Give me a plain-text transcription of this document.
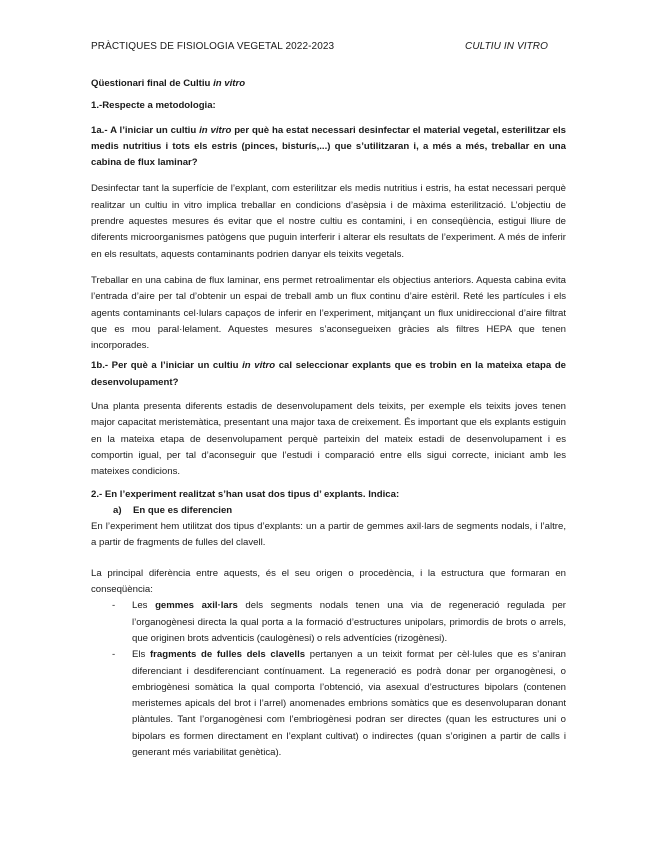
PRÀCTIQUES DE FISIOLOGIA VEGETAL 2022-2023	CULTIU IN VITRO

Qüestionari final de Cultiu in vitro

1.-Respecte a metodologia:

1a.- A l’iniciar un cultiu in vitro per què ha estat necessari desinfectar el material vegetal, esterilitzar els medis nutritius i tots els estris (pinces, bisturís,...) que s’utilitzaran i, a més a més, treballar en una cabina de flux laminar?

Desinfectar tant la superfície de l’explant, com esterilitzar els medis nutritius i estris, ha estat necessari perquè realitzar un cultiu in vitro implica treballar en condicions d’asèpsia i de màxima esterilització. L’objectiu de prendre aquestes mesures és evitar que el nostre cultiu es contamini, i en conseqüència, estigui lliure de diferents microorganismes patògens que puguin interferir i alterar els resultats de l’experiment. A més de inferir en els resultats, aquests contaminants podrien danyar els teixits vegetals.

Treballar en una cabina de flux laminar, ens permet retroalimentar els objectius anteriors. Aquesta cabina evita l’entrada d’aire per tal d’obtenir un espai de treball amb un flux continu d’aire estèril. Reté les partícules i els agents contaminants cel·lulars capaços de inferir en l’experiment, mitjançant un flux unidireccional d’aire filtrat que es mou paral·lelament. Aquestes mesures s’aconsegueixen gràcies als filtres HEPA que tenen incorporades.

1b.- Per què a l’iniciar un cultiu in vitro cal seleccionar explants que es trobin en la mateixa etapa de desenvolupament?

Una planta presenta diferents estadis de desenvolupament dels teixits, per exemple els teixits joves tenen major capacitat meristemàtica, presentant una major taxa de creixement. És important que els explants estiguin en la mateixa etapa de desenvolupament perquè parteixin del mateix estadi de desenvolupament i es comportin igual, per tal d’aconseguir que l’estudi i comparació entre ells sigui correcte, iniciant amb les mateixes condicions.

2.- En l’experiment realitzat s’han usat dos tipus d’ explants. Indica:

a) En que es diferencien

En l’experiment hem utilitzat dos tipus d’explants: un a partir de gemmes axil·lars de segments nodals, i l’altre, a partir de fragments de fulles del clavell.

La principal diferència entre aquests, és el seu origen o procedència, i la estructura que formaran en conseqüència:

- Les gemmes axil·lars dels segments nodals tenen una via de regeneració regulada per l’organogènesi directa la qual porta a la formació d’estructures unipolars, primordis de brots o arrels, que originen brots adventicis (caulogènesi) o rels adventícies (rizogènesi).
- Els fragments de fulles dels clavells pertanyen a un teixit format per cèl·lules que es s’aniran diferenciant i desdiferenciant contínuament. La regeneració es podrà donar per organogènesi, o embriogènesi somàtica la qual comporta l’obtenció, via asexual d’estructures bipolars (contenen meristemes apicals del brot i l’arrel) anomenades embrions somàtics que es desenvoluparan donant plàntules. Tant l’organogènesi com l’embriogènesi podran ser directes (quan les estructures uni o bipolars es formen directament en l’explant cultivat) o indirectes (quan s’originen a partir de calls i generant més variabilitat genètica).
